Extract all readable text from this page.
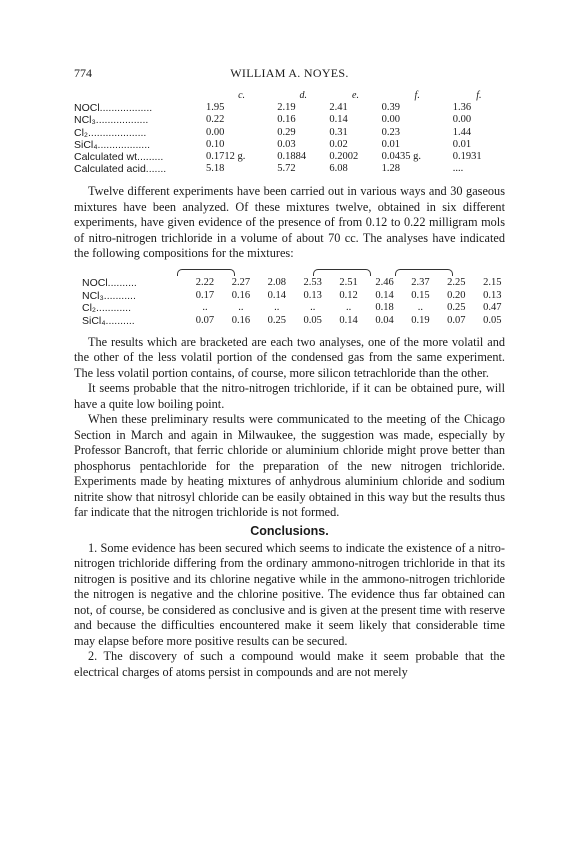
774	WILLIAM A. NOYES.
	c.	d.	e.	f.	f.
NOCl..................	1.95	2.19	2.41	0.39	1.36
NCl₃..................	0.22	0.16	0.14	0.00	0.00
Cl₂....................	0.00	0.29	0.31	0.23	1.44
SiCl₄..................	0.10	0.03	0.02	0.01	0.01
Calculated wt.........	0.1712 g.	0.1884	0.2002	0.0435 g.	0.1931
Calculated acid.......	5.18	5.72	6.08	1.28	....

Twelve different experiments have been carried out in various ways and 30 gaseous mixtures have been analyzed. Of these mixtures twelve, obtained in six different experiments, have given evidence of the presence of from 0.12 to 0.22 milligram mols of nitro-nitrogen trichloride in a volume of about 70 cc. The analyses have indicated the following compositions for the mixtures:

NOCl..........	2.22		2.27		2.08		2.53		2.51		2.46		2.37		2.25		2.15
NCl₃...........	0.17		0.16		0.14		0.13		0.12		0.14		0.15		0.20		0.13
Cl₂............	..		..		..		..		..		0.18		..		0.25		0.47
SiCl₄..........	0.07		0.16		0.25		0.05		0.14		0.04		0.19		0.07		0.05

The results which are bracketed are each two analyses, one of the more volatil and the other of the less volatil portion of the condensed gas from the same experiment. The less volatil portion contains, of course, more silicon tetrachloride than the other.

It seems probable that the nitro-nitrogen trichloride, if it can be obtained pure, will have a quite low boiling point.

When these preliminary results were communicated to the meeting of the Chicago Section in March and again in Milwaukee, the suggestion was made, especially by Professor Bancroft, that ferric chloride or aluminium chloride might prove better than phosphorus pentachloride for the preparation of the new nitrogen trichloride. Experiments made by heating mixtures of anhydrous aluminium chloride and sodium nitrite show that nitrosyl chloride can be easily obtained in this way but the results thus far indicate that the nitrogen trichloride is not formed.

Conclusions.

1. Some evidence has been secured which seems to indicate the existence of a nitro-nitrogen trichloride differing from the ordinary ammono-nitrogen trichloride in that its nitrogen is positive and its chlorine negative while in the ammono-nitrogen trichloride the nitrogen is negative and the chlorine positive. The evidence thus far obtained can not, of course, be considered as conclusive and is given at the present time with reserve and because the difficulties encountered make it seem likely that considerable time may elapse before more positive results can be secured.

2. The discovery of such a compound would make it seem probable that the electrical charges of atoms persist in compounds and are not merely
